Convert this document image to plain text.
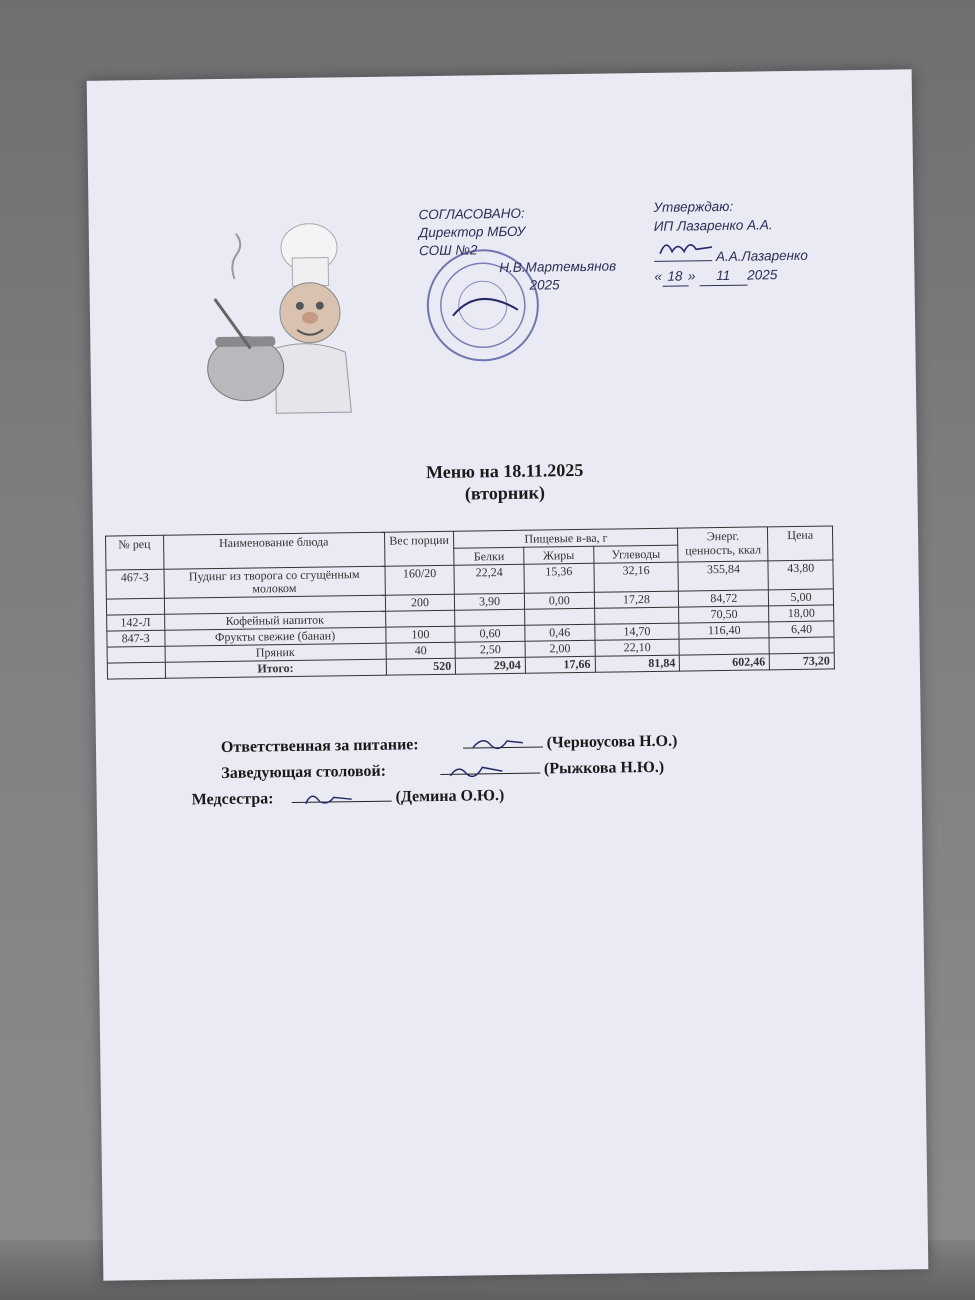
СОГЛАСОВАНО:
Директор МБОУ
СОШ №2
Н.В.Мартемьянов
2025
Утверждаю:
ИП Лазаренко А.А.
А.А.Лазаренко
« 18 » 11 2025
Меню на 18.11.2025
(вторник)
№ рец	Наименование блюда	Вес порции	Пищевые в-ва, г			Энерг. ценность, ккал	Цена
			Белки	Жиры	Углеводы		
467-З	Пудинг из творога со сгущённым молоком	160/20	22,24	15,36	32,16	355,84	43,80
		200	3,90	0,00	17,28	84,72	5,00
142-Л	Кофейный напиток					70,50	18,00
847-З	Фрукты свежие (банан)	100	0,60	0,46	14,70	116,40	6,40
	Пряник	40	2,50	2,00	22,10		
	Итого:	520	29,04	17,66	81,84	602,46	73,20
Ответственная за питание:	(Черноусова Н.О.)
Заведующая столовой:	(Рыжкова Н.Ю.)
Медсестра:	(Демина О.Ю.)
